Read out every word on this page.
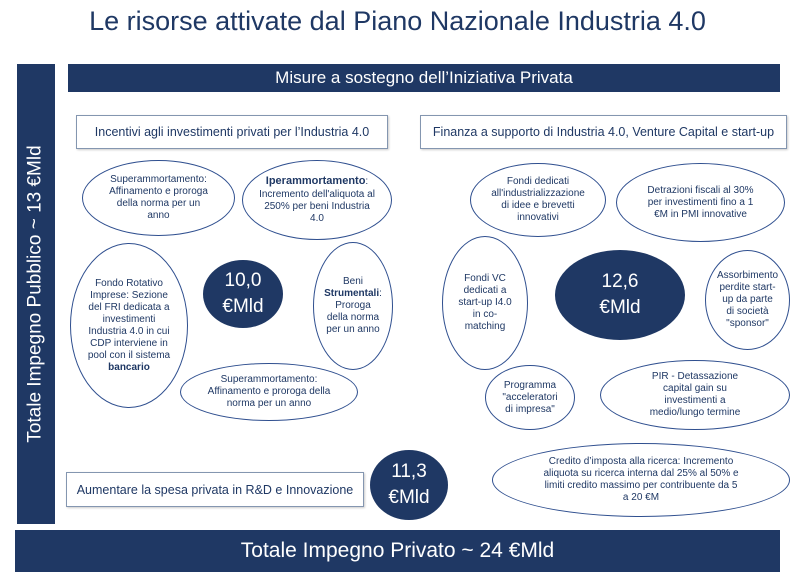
Le risorse attivate dal Piano Nazionale Industria 4.0
Totale Impegno Pubblico ~ 13 €Mld
Misure a sostegno dell’Iniziativa Privata
Incentivi agli investimenti privati per l’Industria 4.0	Finanza a supporto di Industria 4.0, Venture Capital e start-up
Aumentare la spesa privata in R&D e Innovazione
Superammortamento: Affinamento e proroga della norma per un anno
Iperammortamento: Incremento dell'aliquota al 250% per beni Industria 4.0
Fondo Rotativo Imprese: Sezione del FRI dedicata a investimenti Industria 4.0 in cui CDP interviene in pool con il sistema bancario
10,0
€Mld
Beni Strumentali: Proroga della norma per un anno
Superammortamento: Affinamento e proroga della norma per un anno
Fondi dedicati all'industrializzazione di idee e brevetti innovativi
Detrazioni fiscali al 30% per investimenti fino a 1 €M in PMI innovative
Fondi VC dedicati a start-up I4.0 in co-matching
12,6
€Mld
Assorbimento perdite start-up da parte di società "sponsor"
Programma "acceleratori di impresa"
PIR - Detassazione capital gain su investimenti a medio/lungo termine
11,3
€Mld
Credito d’imposta alla ricerca: Incremento aliquota su ricerca interna dal 25% al 50% e limiti credito massimo per contribuente da 5 a 20 €M
Totale Impegno Privato ~ 24 €Mld
